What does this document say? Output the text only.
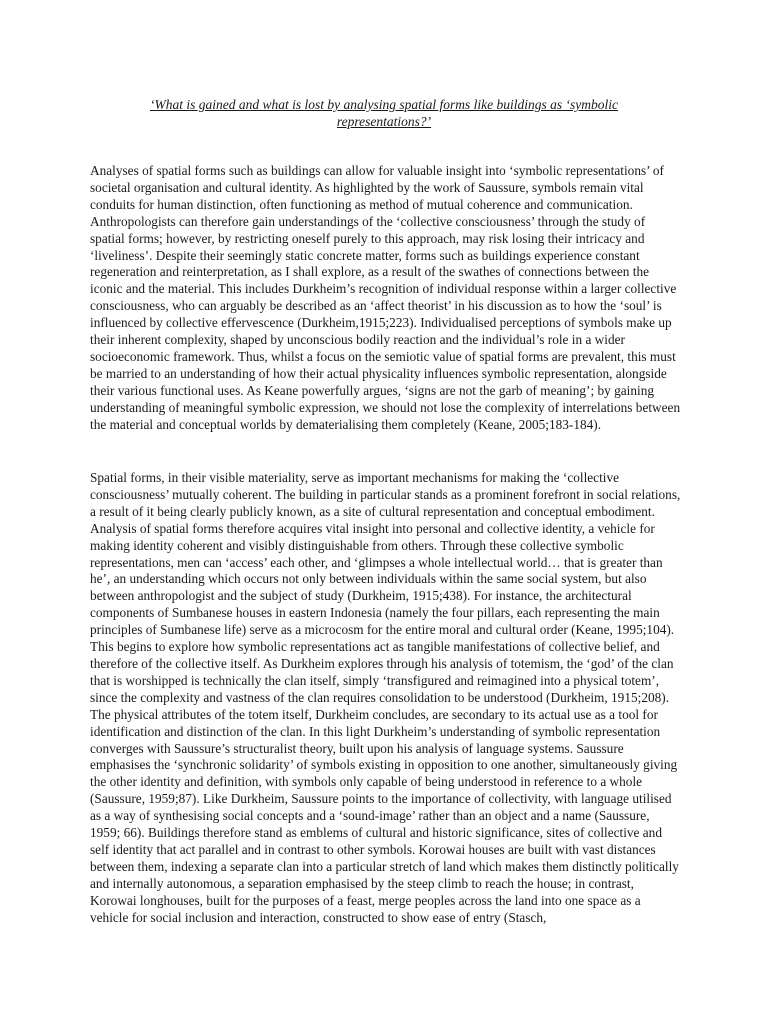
‘What is gained and what is lost by analysing spatial forms like buildings as ‘symbolic representations?’

Analyses of spatial forms such as buildings can allow for valuable insight into ‘symbolic representations’ of societal organisation and cultural identity. As highlighted by the work of Saussure, symbols remain vital conduits for human distinction, often functioning as method of mutual coherence and communication. Anthropologists can therefore gain understandings of the ‘collective consciousness’ through the study of spatial forms; however, by restricting oneself purely to this approach, may risk losing their intricacy and ‘liveliness’. Despite their seemingly static concrete matter, forms such as buildings experience constant regeneration and reinterpretation, as I shall explore, as a result of the swathes of connections between the iconic and the material. This includes Durkheim’s recognition of individual response within a larger collective consciousness, who can arguably be described as an ‘affect theorist’ in his discussion as to how the ‘soul’ is influenced by collective effervescence (Durkheim,1915;223). Individualised perceptions of symbols make up their inherent complexity, shaped by unconscious bodily reaction and the individual’s role in a wider socioeconomic framework. Thus, whilst a focus on the semiotic value of spatial forms are prevalent, this must be married to an understanding of how their actual physicality influences symbolic representation, alongside their various functional uses. As Keane powerfully argues, ‘signs are not the garb of meaning’; by gaining understanding of meaningful symbolic expression, we should not lose the complexity of interrelations between the material and conceptual worlds by dematerialising them completely (Keane, 2005;183-184).

Spatial forms, in their visible materiality, serve as important mechanisms for making the ‘collective consciousness’ mutually coherent. The building in particular stands as a prominent forefront in social relations, a result of it being clearly publicly known, as a site of cultural representation and conceptual embodiment. Analysis of spatial forms therefore acquires vital insight into personal and collective identity, a vehicle for making identity coherent and visibly distinguishable from others. Through these collective symbolic representations, men can ‘access’ each other, and ‘glimpses a whole intellectual world… that is greater than he’, an understanding which occurs not only between individuals within the same social system, but also between anthropologist and the subject of study (Durkheim, 1915;438). For instance, the architectural components of Sumbanese houses in eastern Indonesia (namely the four pillars, each representing the main principles of Sumbanese life) serve as a microcosm for the entire moral and cultural order (Keane, 1995;104). This begins to explore how symbolic representations act as tangible manifestations of collective belief, and therefore of the collective itself. As Durkheim explores through his analysis of totemism, the ‘god’ of the clan that is worshipped is technically the clan itself, simply ‘transfigured and reimagined into a physical totem’, since the complexity and vastness of the clan requires consolidation to be understood (Durkheim, 1915;208). The physical attributes of the totem itself, Durkheim concludes, are secondary to its actual use as a tool for identification and distinction of the clan. In this light Durkheim’s understanding of symbolic representation converges with Saussure’s structuralist theory, built upon his analysis of language systems. Saussure emphasises the ‘synchronic solidarity’ of symbols existing in opposition to one another, simultaneously giving the other identity and definition, with symbols only capable of being understood in reference to a whole (Saussure, 1959;87). Like Durkheim, Saussure points to the importance of collectivity, with language utilised as a way of synthesising social concepts and a ‘sound-image’ rather than an object and a name (Saussure, 1959; 66). Buildings therefore stand as emblems of cultural and historic significance, sites of collective and self identity that act parallel and in contrast to other symbols. Korowai houses are built with vast distances between them, indexing a separate clan into a particular stretch of land which makes them distinctly politically and internally autonomous, a separation emphasised by the steep climb to reach the house; in contrast, Korowai longhouses, built for the purposes of a feast, merge peoples across the land into one space as a vehicle for social inclusion and interaction, constructed to show ease of entry (Stasch,
